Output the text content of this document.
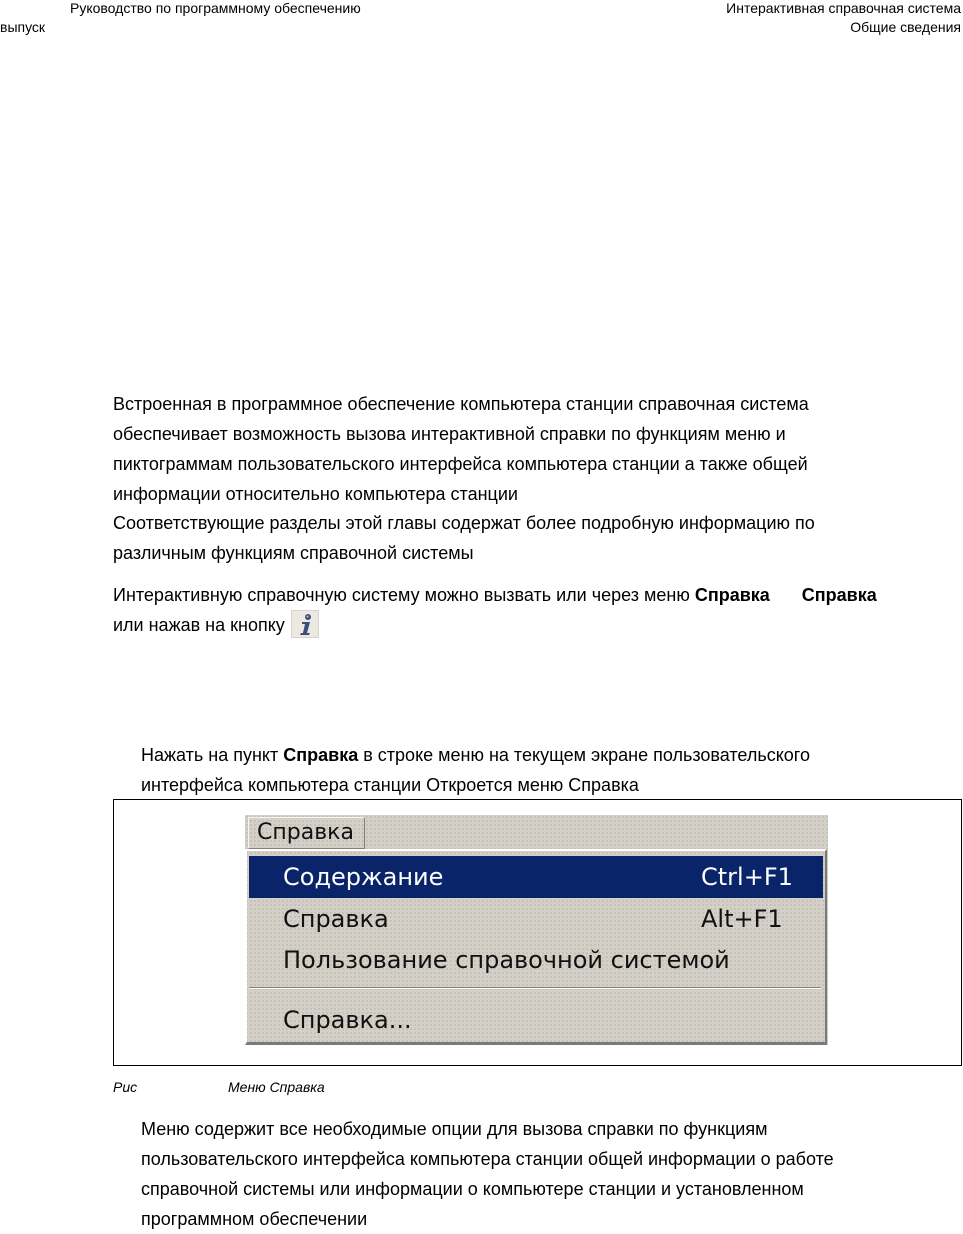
Руководство по программному обеспечению
выпуск
Интерактивная справочная система
Общие сведения
Встроенная в программное обеспечение компьютера станции справочная система
обеспечивает возможность вызова интерактивной справки по функциям меню и
пиктограммам пользовательского интерфейса компьютера станции а также общей
информации относительно компьютера станции
Соответствующие разделы этой главы содержат более подробную информацию по
различным функциям справочной системы
Интерактивную справочную систему можно вызвать или через меню Справка Справка
или нажав на кнопку
Нажать на пункт Справка в строке меню на текущем экране пользовательского
интерфейса компьютера станции Откроется меню Справка
Справка
Содержание	Ctrl+F1
Справка	Alt+F1
Пользование справочной системой
Справка...
Рис	Меню Справка
Меню содержит все необходимые опции для вызова справки по функциям
пользовательского интерфейса компьютера станции общей информации о работе
справочной системы или информации о компьютере станции и установленном
программном обеспечении
